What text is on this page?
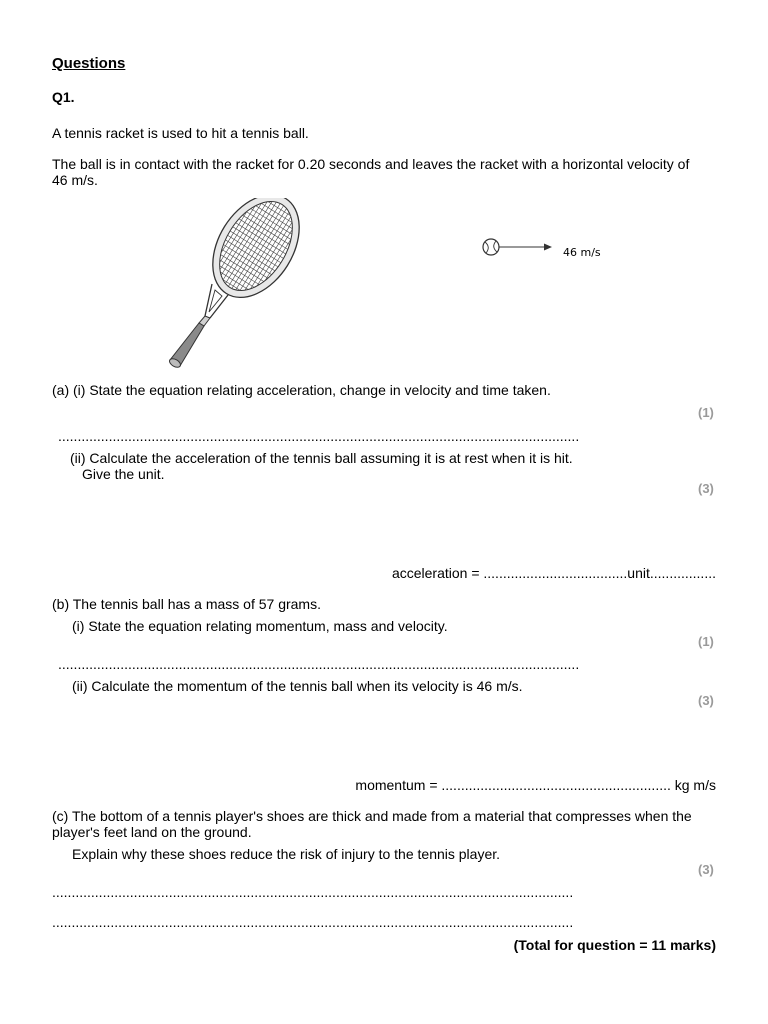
Questions
Q1.
A tennis racket is used to hit a tennis ball.
The ball is in contact with the racket for 0.20 seconds and leaves the racket with a horizontal velocity of
46 m/s.
46 m/s
(a) (i) State the equation relating acceleration, change in velocity and time taken.
(1)
......................................................................................................................................
(ii) Calculate the acceleration of the tennis ball assuming it is at rest when it is hit.
Give the unit.
(3)
acceleration = .....................................unit.................
(b) The tennis ball has a mass of 57 grams.
(i) State the equation relating momentum, mass and velocity.
(1)
......................................................................................................................................
(ii) Calculate the momentum of the tennis ball when its velocity is 46 m/s.
(3)
momentum = ........................................................... kg m/s
(c) The bottom of a tennis player's shoes are thick and made from a material that compresses when the
player's feet land on the ground.
Explain why these shoes reduce the risk of injury to the tennis player.
(3)
......................................................................................................................................
......................................................................................................................................
(Total for question = 11 marks)
